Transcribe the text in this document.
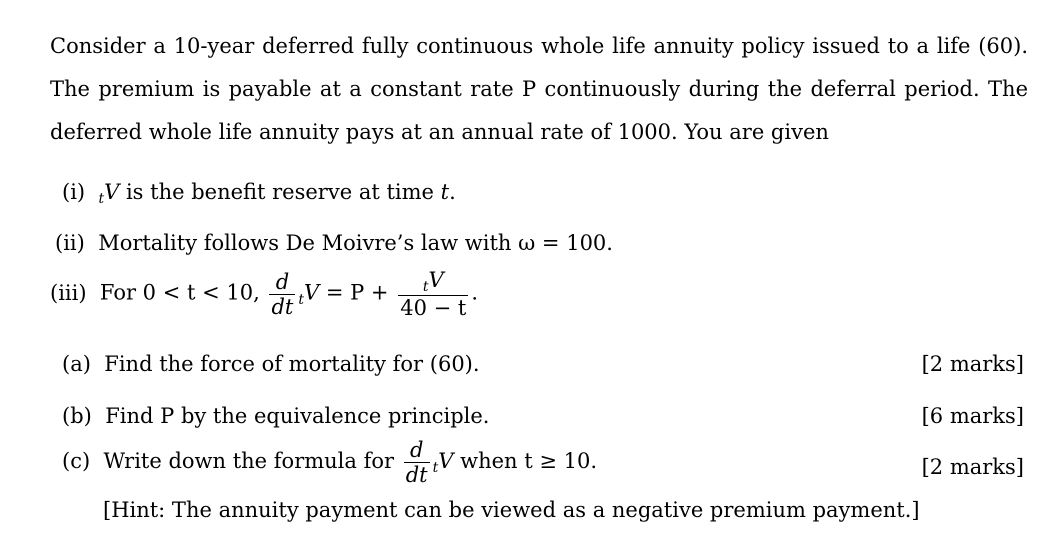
Consider a 10-year deferred fully continuous whole life annuity policy issued to a life (60). The premium is payable at a constant rate P continuously during the deferral period. The deferred whole life annuity pays at an annual rate of 1000. You are given
(i) tV is the benefit reserve at time t.
(ii) Mortality follows De Moivre’s law with ω = 100.
(iii) For 0 < t < 10, $\frac{d}{dt}$ tV = $P + \frac{tV}{40 - t}$ .
(a) Find the force of mortality for (60).	[2 marks]
(b) Find P by the equivalence principle.	[6 marks]
(c) Write down the formula for $\frac{d}{dt}$ tV when t ≥ 10.	[2 marks]
[Hint: The annuity payment can be viewed as a negative premium payment.]
